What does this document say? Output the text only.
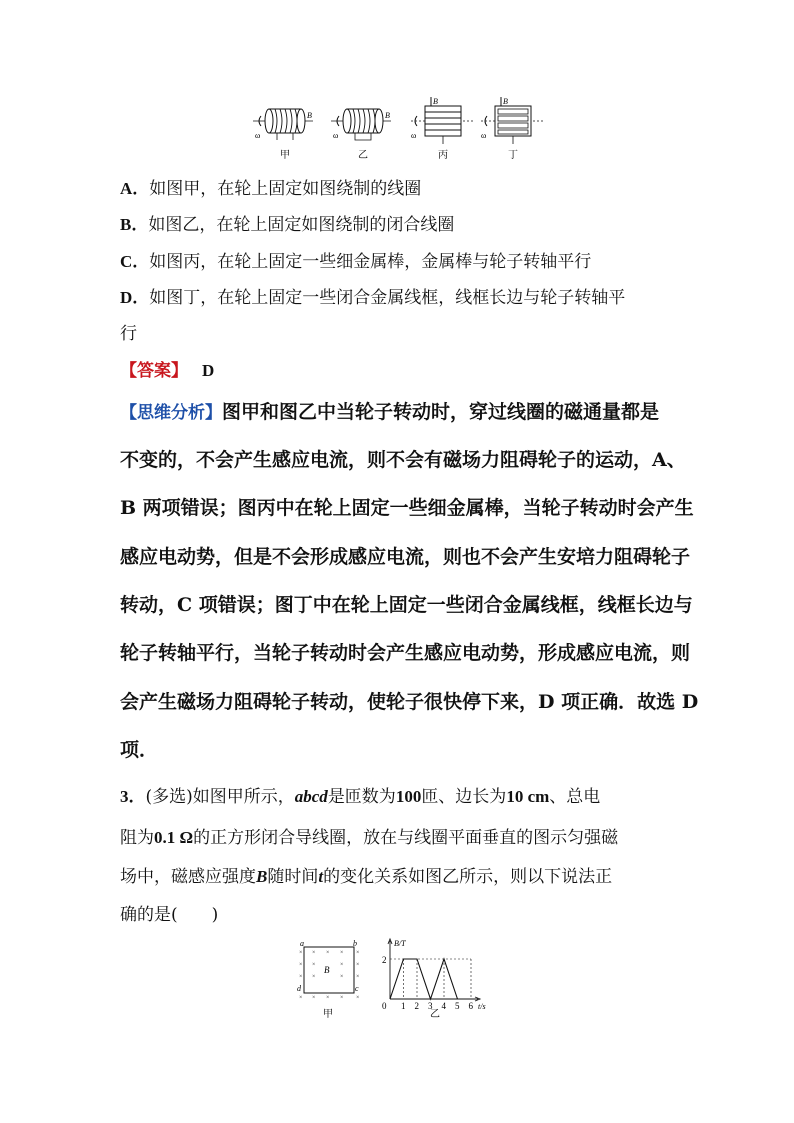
ω
B
甲
ω
B
乙
B
ω
丙
B
ω
丁
A．如图甲，在轮上固定如图绕制的线圈
B．如图乙，在轮上固定如图绕制的闭合线圈
C．如图丙，在轮上固定一些细金属棒，金属棒与轮子转轴平行
D．如图丁，在轮上固定一些闭合金属线框，线框长边与轮子转轴平
行
【答案】 D
【思维分析】图甲和图乙中当轮子转动时，穿过线圈的磁通量都是
不变的，不会产生感应电流，则不会有磁场力阻碍轮子的运动，A、
B 两项错误；图丙中在轮上固定一些细金属棒，当轮子转动时会产生
感应电动势，但是不会形成感应电流，则也不会产生安培力阻碍轮子
转动，C 项错误；图丁中在轮上固定一些闭合金属线框，线框长边与
轮子转轴平行，当轮子转动时会产生感应电动势，形成感应电流，则
会产生磁场力阻碍轮子转动，使轮子很快停下来，D 项正确．故选 D
项．
3．(多选)如图甲所示，abcd是匝数为100匝、边长为10 cm、总电
阻为0.1 Ω的正方形闭合导线圈，放在与线圈平面垂直的图示匀强磁
场中，磁感应强度B随时间t的变化关系如图乙所示，则以下说法正
确的是(　　)
a	b
c
d
× × × × ×
× ×	× ×
× ×	× ×
× × × × ×
B
甲
B/T
t/s
2
0 1 2 3 4 5 6
乙
